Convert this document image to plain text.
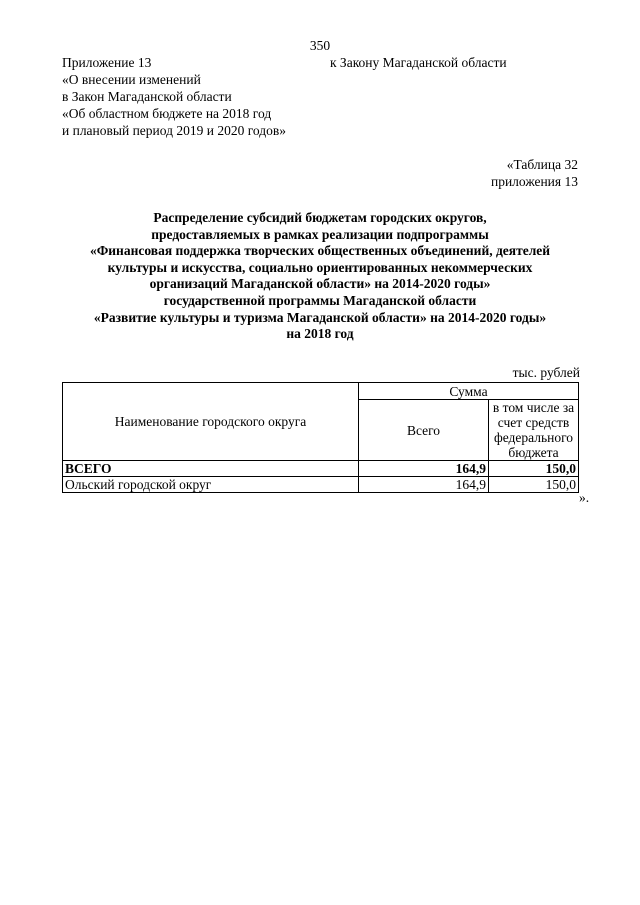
350
Приложение 13
«О внесении изменений
в Закон Магаданской области
«Об областном бюджете на 2018 год
и плановый период 2019 и 2020 годов»
к Закону Магаданской области
«Таблица 32
приложения 13
Распределение субсидий бюджетам городских округов,
предоставляемых в рамках реализации подпрограммы
«Финансовая поддержка творческих общественных объединений, деятелей
культуры и искусства, социально ориентированных некоммерческих
организаций Магаданской области» на 2014-2020 годы»
государственной программы Магаданской области
«Развитие культуры и туризма Магаданской области» на 2014-2020 годы»
на 2018 год
тыс. рублей
Наименование городского округа	Сумма	
	Всего	в том числе за счет средств федерального бюджета
ВСЕГО	164,9	150,0
Ольский городской округ	164,9	150,0
».
